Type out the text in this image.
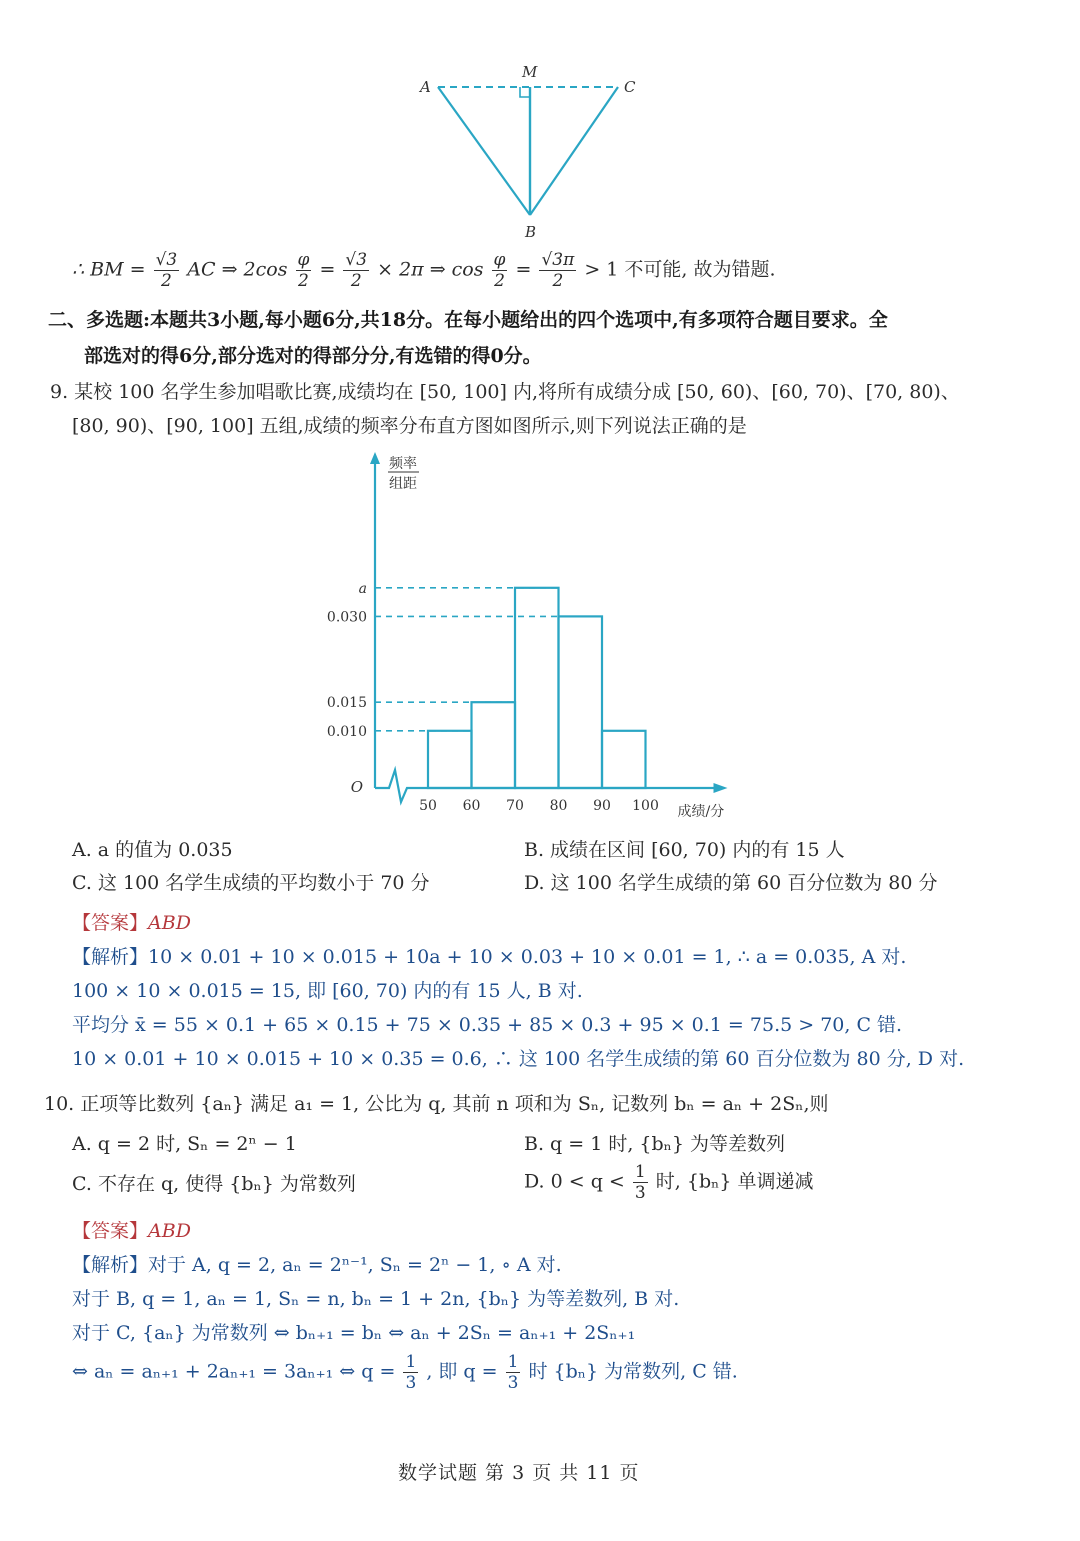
M
A	C
B
∴ BM = $\frac{√3}{2}$ AC ⇒ $2\cos \frac{\varphi}{2} = \frac{√3}{2} \times 2\pi$ ⇒ $\cos \frac{\varphi}{2} = \frac{√3\pi}{2} > 1$ 不可能, 故为错题.
二、多选题:本题共3小题,每小题6分,共18分。在每小题给出的四个选项中,有多项符合题目要求。全
部选对的得6分,部分选对的得部分分,有选错的得0分。
9. 某校 100 名学生参加唱歌比赛,成绩均在 [50, 100] 内,将所有成绩分成 [50, 60)、[60, 70)、[70, 80)、
[80, 90)、[90, 100] 五组,成绩的频率分布直方图如图所示,则下列说法正确的是
a
0.030
0.015
0.010
50 60 70 80 90 100
O
成绩/分
频率
组距
A. a 的值为 0.035	B. 成绩在区间 [60, 70) 内的有 15 人
C. 这 100 名学生成绩的平均数小于 70 分	D. 这 100 名学生成绩的第 60 百分位数为 80 分
【答案】ABD
【解析】10 × 0.01 + 10 × 0.015 + 10a + 10 × 0.03 + 10 × 0.01 = 1, ∴ a = 0.035, A 对.
100 × 10 × 0.015 = 15, 即 [60, 70) 内的有 15 人, B 对.
平均分 x̄ = 55 × 0.1 + 65 × 0.15 + 75 × 0.35 + 85 × 0.3 + 95 × 0.1 = 75.5 > 70, C 错.
10 × 0.01 + 10 × 0.015 + 10 × 0.35 = 0.6, ∴ 这 100 名学生成绩的第 60 百分位数为 80 分, D 对.
10. 正项等比数列 {aₙ} 满足 a₁ = 1, 公比为 q, 其前 n 项和为 Sₙ, 记数列 bₙ = aₙ + 2Sₙ,则
A. q = 2 时, Sₙ = 2ⁿ − 1	B. q = 1 时, {bₙ} 为等差数列
C. 不存在 q, 使得 {bₙ} 为常数列	D. $0 < q < \frac{1}{3}$ 时, {bₙ} 单调递减
【答案】ABD
【解析】对于 A, q = 2, aₙ = 2ⁿ⁻¹, Sₙ = 2ⁿ − 1, ∘ A 对.
对于 B, q = 1, aₙ = 1, Sₙ = n, bₙ = 1 + 2n, {bₙ} 为等差数列, B 对.
对于 C, {aₙ} 为常数列 ⇔ bₙ₊₁ = bₙ ⇔ aₙ + 2Sₙ = aₙ₊₁ + 2Sₙ₊₁
⇔ aₙ = aₙ₊₁ + 2aₙ₊₁ = 3aₙ₊₁ ⇔ $q = \frac{1}{3}$ , 即 $q = \frac{1}{3}$ 时 {bₙ} 为常数列, C 错.
数学试题 第 3 页 共 11 页
